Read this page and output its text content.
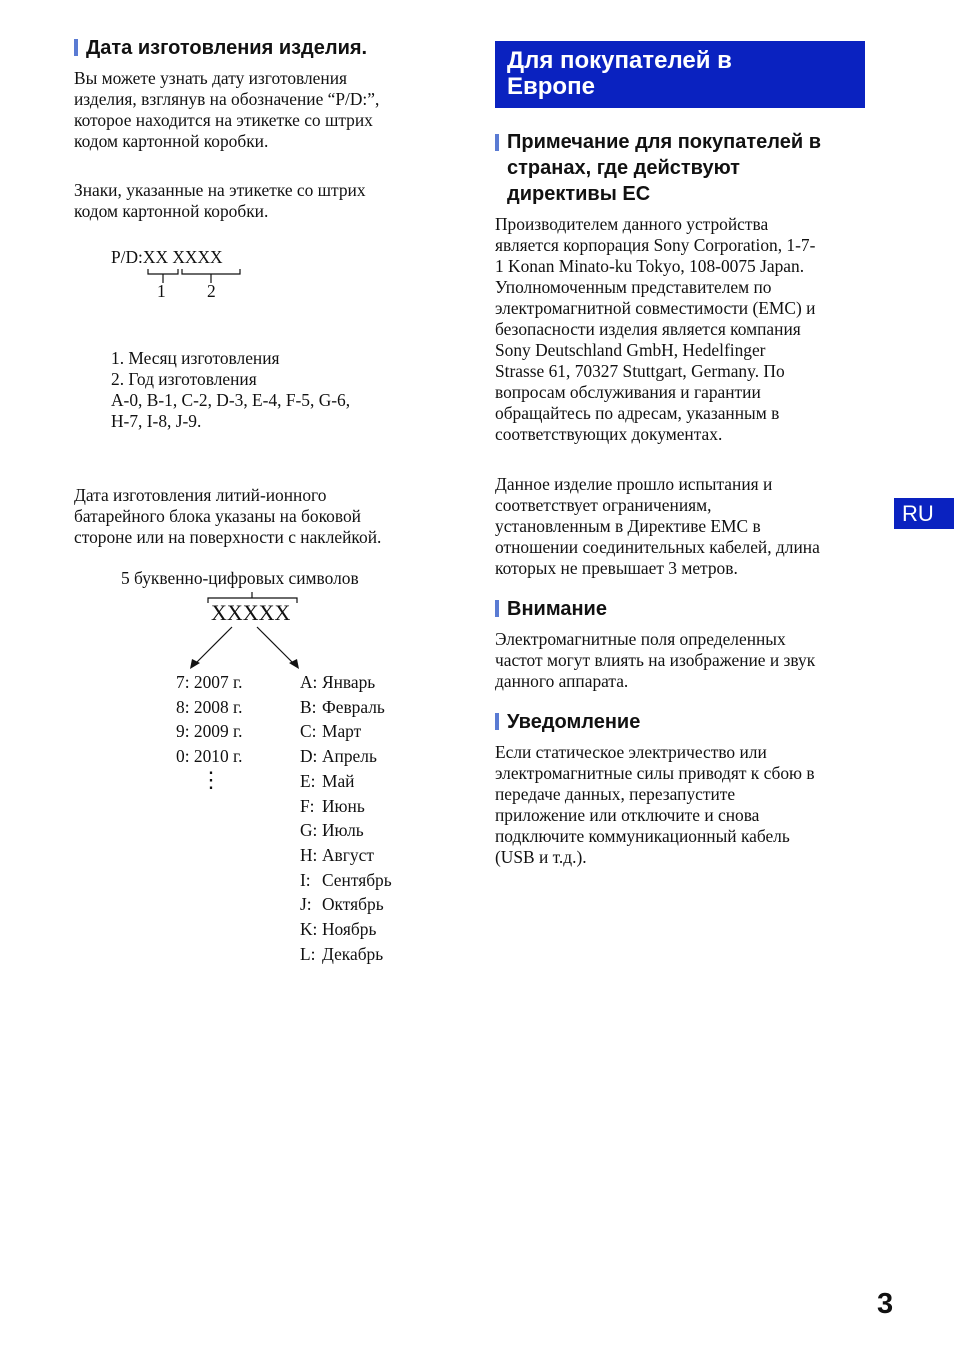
Дата изготовления изделия.
Вы можете узнать дату изготовления
изделия, взглянув на обозначение “P/D:”,
которое находится на этикетке со штрих
кодом картонной коробки.
Знаки, указанные на этикетке со штрих
кодом картонной коробки.
P/D:XX XXXX
1 2
1. Месяц изготовления
2. Год изготовления
A-0, B-1, C-2, D-3, E-4, F-5, G-6,
H-7, I-8, J-9.
Дата изготовления литий-ионного
батарейного блока указаны на боковой
стороне или на поверхности с наклейкой.
5 буквенно-цифровых символов
XXXXX
7: 2007 г.
8: 2008 г.
9: 2009 г.
0: 2010 г.
⋮
A: Январь
B: Февраль
C: Март
D: Апрель
E: Май
F: Июнь
G: Июль
H: Август
I: Сентябрь
J: Октябрь
K: Ноябрь
L: Декабрь
Для покупателей в
Европе
Примечание для покупателей в
странах, где действуют
директивы ЕС
Производителем данного устройства
является корпорация Sony Corporation, 1-7-
1 Konan Minato-ku Tokyo, 108-0075 Japan.
Уполномоченным представителем по
электромагнитной совместимости (EMC) и
безопасности изделия является компания
Sony Deutschland GmbH, Hedelfinger
Strasse 61, 70327 Stuttgart, Germany. По
вопросам обслуживания и гарантии
обращайтесь по адресам, указанным в
соответствующих документах.
Данное изделие прошло испытания и
соответствует ограничениям,
установленным в Директиве EMC в
отношении соединительных кабелей, длина
которых не превышает 3 метров.
Внимание
Электромагнитные поля определенных
частот могут влиять на изображение и звук
данного аппарата.
Уведомление
Если статическое электричество или
электромагнитные силы приводят к сбою в
передаче данных, перезапустите
приложение или отключите и снова
подключите коммуникационный кабель
(USB и т.д.).
RU
3
